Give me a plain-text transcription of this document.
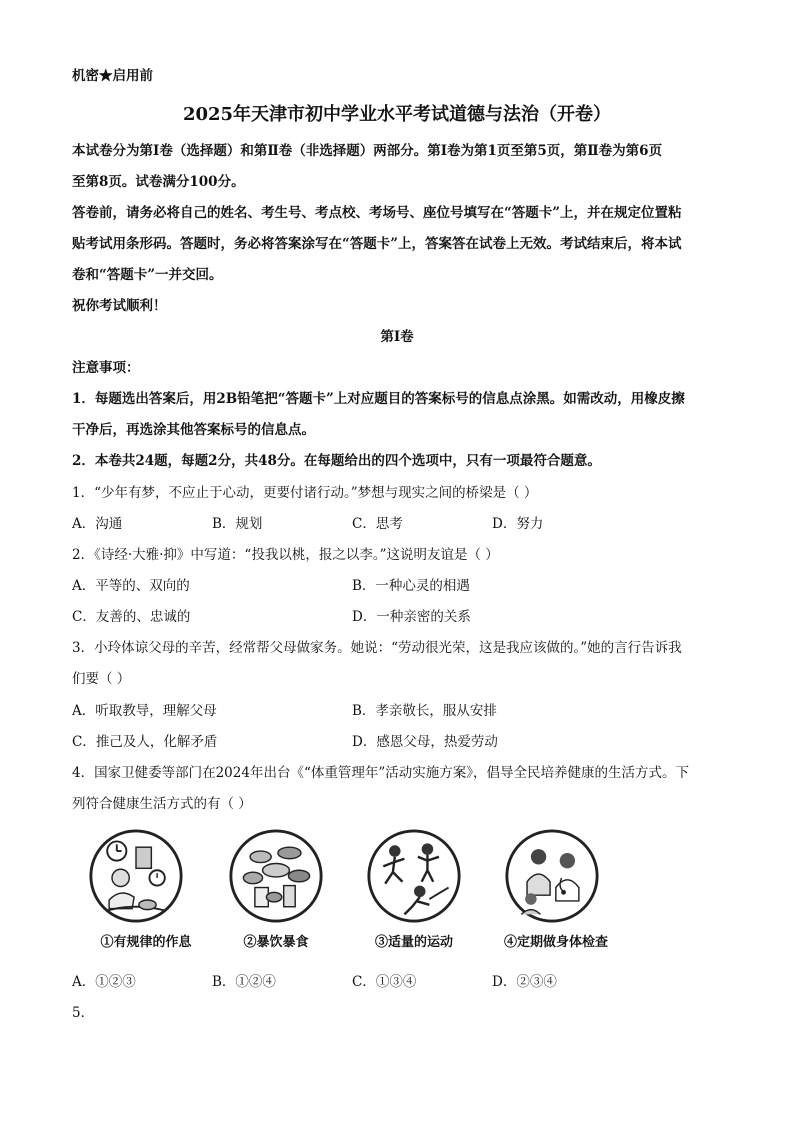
机密★启用前
2025年天津市初中学业水平考试道德与法治（开卷）
本试卷分为第Ⅰ卷（选择题）和第Ⅱ卷（非选择题）两部分。第Ⅰ卷为第1页至第5页，第Ⅱ卷为第6页
至第8页。试卷满分100分。
答卷前，请务必将自己的姓名、考生号、考点校、考场号、座位号填写在“答题卡”上，并在规定位置粘
贴考试用条形码。答题时，务必将答案涂写在“答题卡”上，答案答在试卷上无效。考试结束后，将本试
卷和“答题卡”一并交回。
祝你考试顺利！
第Ⅰ卷
注意事项：
1．每题选出答案后，用2B铅笔把“答题卡”上对应题目的答案标号的信息点涂黑。如需改动，用橡皮擦
干净后，再选涂其他答案标号的信息点。
2．本卷共24题，每题2分，共48分。在每题给出的四个选项中，只有一项最符合题意。
1．“少年有梦，不应止于心动，更要付诸行动。”梦想与现实之间的桥梁是（ ）
A．沟通	B．规划	C．思考	D．努力
2．《诗经·大雅·抑》中写道：“投我以桃，报之以李。”这说明友谊是（ ）
A．平等的、双向的	B．一种心灵的相遇
C．友善的、忠诚的	D．一种亲密的关系
3．小玲体谅父母的辛苦，经常帮父母做家务。她说：“劳动很光荣，这是我应该做的。”她的言行告诉我
们要（ ）
A．听取教导，理解父母	B．孝亲敬长，服从安排
C．推己及人，化解矛盾	D．感恩父母，热爱劳动
4．国家卫健委等部门在2024年出台《“体重管理年”活动实施方案》，倡导全民培养健康的生活方式。下
列符合健康生活方式的有（ ）
①有规律的作息	②暴饮暴食	③适量的运动	④定期做身体检查
A．①②③	B．①②④	C．①③④	D．②③④
5．
